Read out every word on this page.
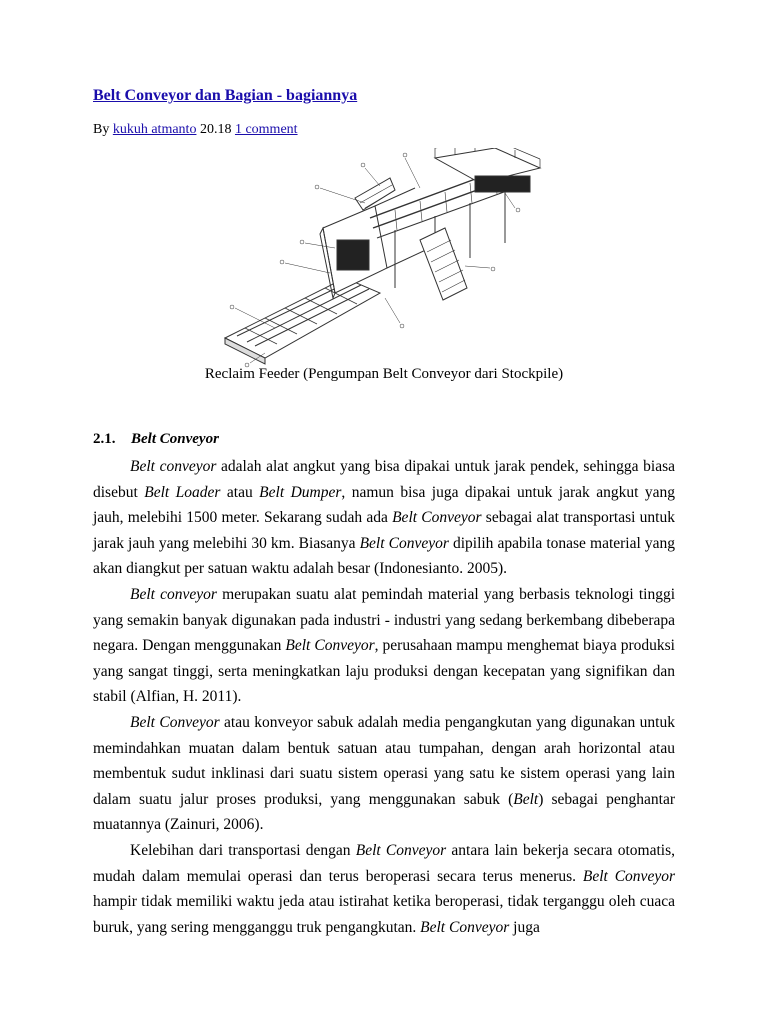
Belt Conveyor dan Bagian - bagiannya
By kukuh atmanto 20.18 1 comment
Reclaim Feeder (Pengumpan Belt Conveyor dari Stockpile)
2.1. Belt Conveyor

Belt conveyor adalah alat angkut yang bisa dipakai untuk jarak pendek, sehingga biasa disebut Belt Loader atau Belt Dumper, namun bisa juga dipakai untuk jarak angkut yang jauh, melebihi 1500 meter. Sekarang sudah ada Belt Conveyor sebagai alat transportasi untuk jarak jauh yang melebihi 30 km. Biasanya Belt Conveyor dipilih apabila tonase material yang akan diangkut per satuan waktu adalah besar (Indonesianto. 2005).

Belt conveyor merupakan suatu alat pemindah material yang berbasis teknologi tinggi yang semakin banyak digunakan pada industri - industri yang sedang berkembang dibeberapa negara. Dengan menggunakan Belt Conveyor, perusahaan mampu menghemat biaya produksi yang sangat tinggi, serta meningkatkan laju produksi dengan kecepatan yang signifikan dan stabil (Alfian, H. 2011).

Belt Conveyor atau konveyor sabuk adalah media pengangkutan yang digunakan untuk memindahkan muatan dalam bentuk satuan atau tumpahan, dengan arah horizontal atau membentuk sudut inklinasi dari suatu sistem operasi yang satu ke sistem operasi yang lain dalam suatu jalur proses produksi, yang menggunakan sabuk (Belt) sebagai penghantar muatannya (Zainuri, 2006).

Kelebihan dari transportasi dengan Belt Conveyor antara lain bekerja secara otomatis, mudah dalam memulai operasi dan terus beroperasi secara terus menerus. Belt Conveyor hampir tidak memiliki waktu jeda atau istirahat ketika beroperasi, tidak terganggu oleh cuaca buruk, yang sering mengganggu truk pengangkutan. Belt Conveyor juga
